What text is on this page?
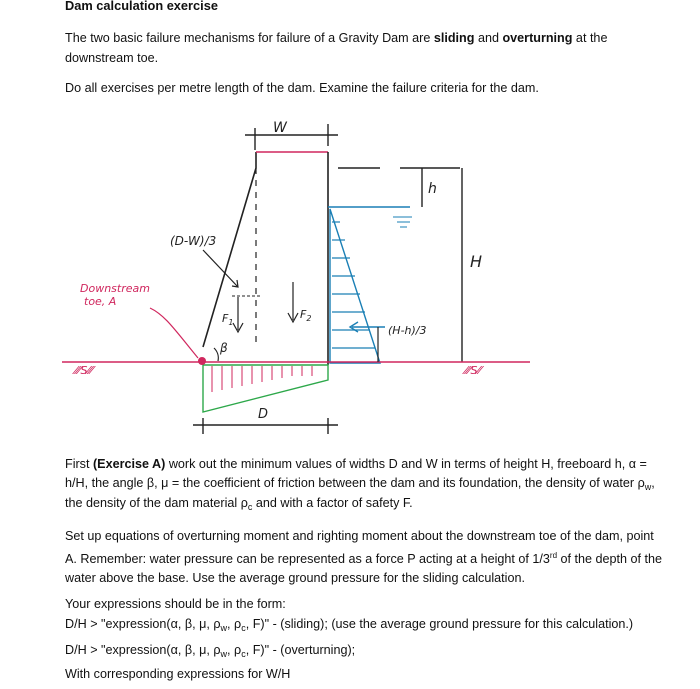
Dam calculation exercise
The two basic failure mechanisms for failure of a Gravity Dam are sliding and overturning at the downstream toe.
Do all exercises per metre length of the dam. Examine the failure criteria for the dam.
W
h
H
⁄⁄⁄S⁄⁄⁄	⁄⁄⁄S⁄⁄
D
(D-W)/3
$F_1$
$F_2$
(H-h)/3
Downstream
toe, A
β
First (Exercise A) work out the minimum values of widths D and W in terms of height H, freeboard h, α = h/H, the angle β, μ = the coefficient of friction between the dam and its foundation, the density of water $\rho_w$, the density of the dam material $\rho_c$ and with a factor of safety F.
Set up equations of overturning moment and righting moment about the downstream toe of the dam, point A. Remember: water pressure can be represented as a force P acting at a height of 1/3rd of the depth of the water above the base. Use the average ground pressure for the sliding calculation.
Your expressions should be in the form:
D/H > "expression(α, β, μ, $\rho_w$, $\rho_c$, F)" - (sliding); (use the average ground pressure for this calculation.)
D/H > "expression(α, β, μ, $\rho_w$, $\rho_c$, F)" - (overturning);
With corresponding expressions for W/H
